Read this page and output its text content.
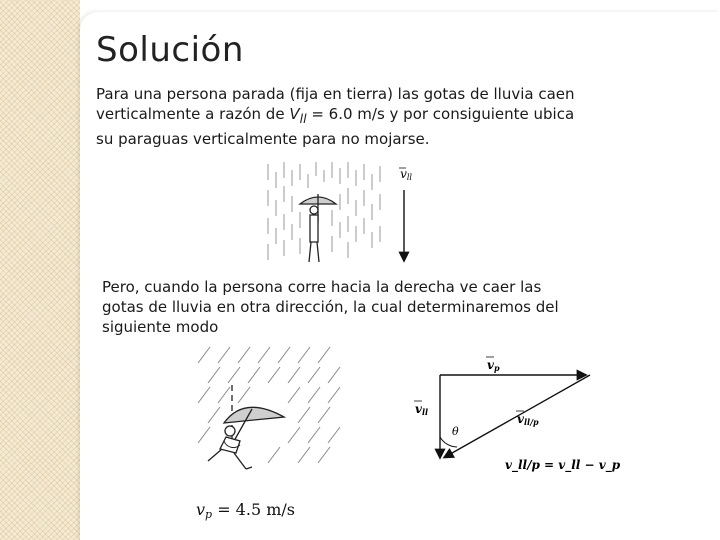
Solución

Para una persona parada (fija en tierra) las gotas de lluvia caen
verticalmente a razón de $V_{ll} = 6.0$ m/s y por consiguiente ubica
su paraguas verticalmente para no mojarse.

vll

Pero, cuando la persona corre hacia la derecha ve caer las
gotas de lluvia en otra dirección, la cual determinaremos del
siguiente modo

$v_p = 4.5$ m/s

θ
vp
vll	vll/p
v_ll/p = v_ll − v_p
